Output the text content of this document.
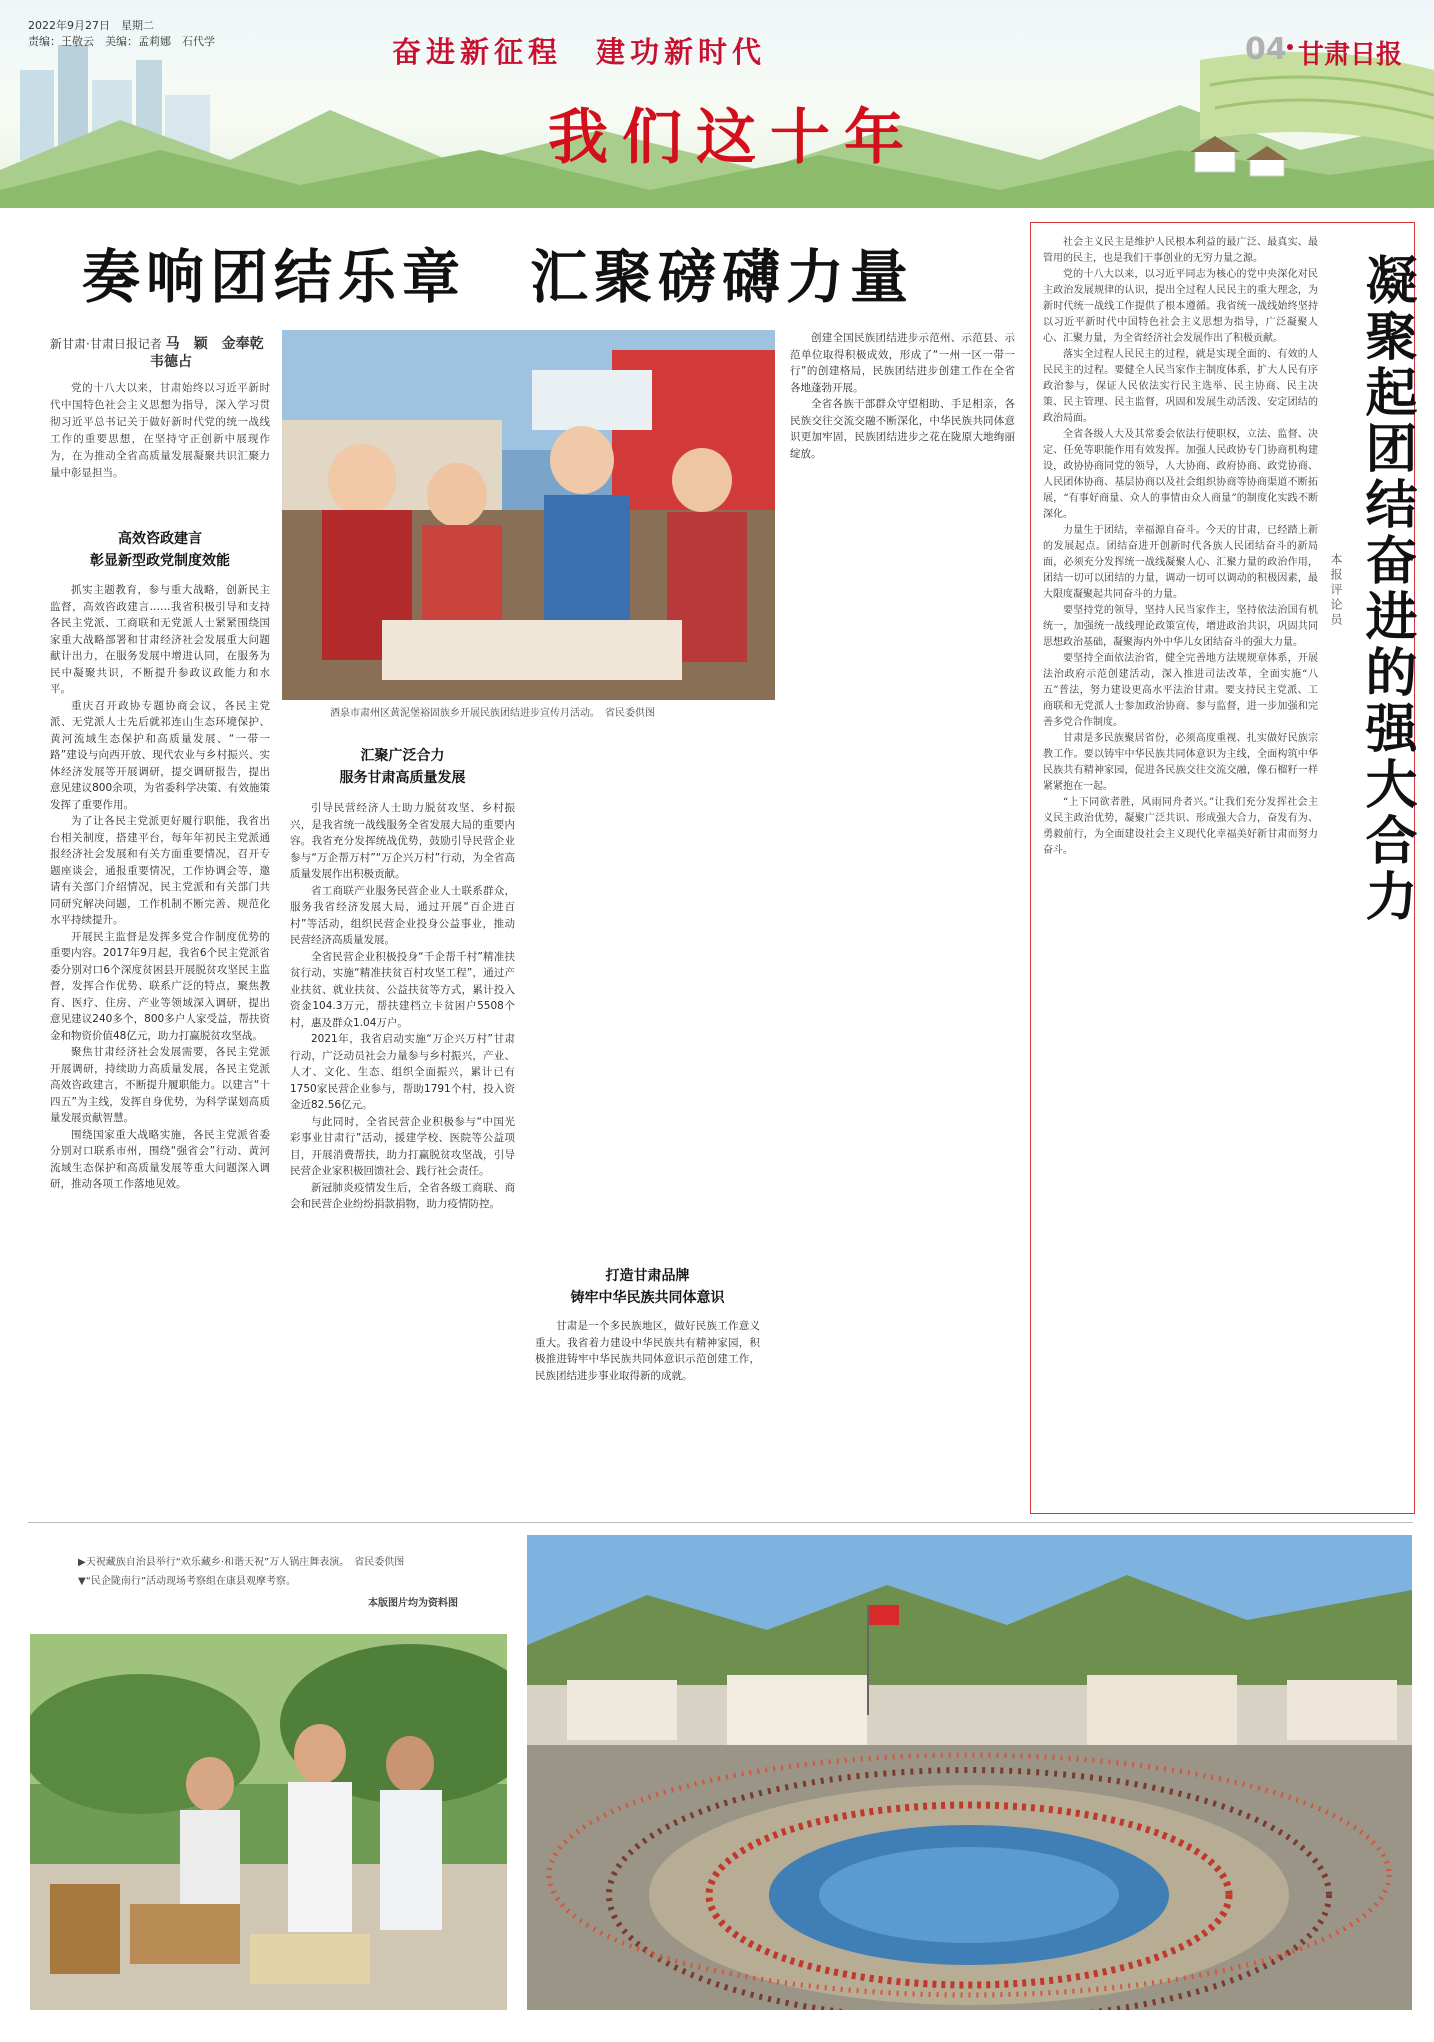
2022年9月27日　星期二
责编：王敬云　美编：孟莉娜　石代学	奋进新征程　建功新时代
我们这十年
04 甘肃日报
奏响团结乐章　汇聚磅礴力量
新甘肃·甘肃日报记者 马　颖　金奉乾
韦德占
党的十八大以来，甘肃始终以习近平新时代中国特色社会主义思想为指导，深入学习贯彻习近平总书记关于做好新时代党的统一战线工作的重要思想，在坚持守正创新中展现作为，在为推动全省高质量发展凝聚共识汇聚力量中彰显担当。
酒泉市肃州区黄泥堡裕固族乡开展民族团结进步宣传月活动。　省民委供图
高效咨政建言
彰显新型政党制度效能

抓实主题教育，参与重大战略，创新民主监督，高效咨政建言……我省积极引导和支持各民主党派、工商联和无党派人士紧紧围绕国家重大战略部署和甘肃经济社会发展重大问题献计出力，在服务发展中增进认同，在服务为民中凝聚共识，不断提升参政议政能力和水平。

重庆召开政协专题协商会议，各民主党派、无党派人士先后就祁连山生态环境保护、黄河流域生态保护和高质量发展、“一带一路”建设与向西开放、现代农业与乡村振兴、实体经济发展等开展调研，提交调研报告，提出意见建议800余项，为省委科学决策、有效施策发挥了重要作用。

为了让各民主党派更好履行职能，我省出台相关制度，搭建平台，每年年初民主党派通报经济社会发展和有关方面重要情况，召开专题座谈会，通报重要情况，工作协调会等，邀请有关部门介绍情况，民主党派和有关部门共同研究解决问题，工作机制不断完善、规范化水平持续提升。

开展民主监督是发挥多党合作制度优势的重要内容。2017年9月起，我省6个民主党派省委分别对口6个深度贫困县开展脱贫攻坚民主监督，发挥合作优势、联系广泛的特点，聚焦教育、医疗、住房、产业等领域深入调研，提出意见建议240多个，800多户人家受益，帮扶资金和物资价值48亿元，助力打赢脱贫攻坚战。

聚焦甘肃经济社会发展需要，各民主党派开展调研，持续助力高质量发展，各民主党派高效咨政建言，不断提升履职能力。以建言“十四五”为主线，发挥自身优势，为科学谋划高质量发展贡献智慧。

围绕国家重大战略实施，各民主党派省委分别对口联系市州，围绕“强省会”行动、黄河流域生态保护和高质量发展等重大问题深入调研，推动各项工作落地见效。

汇聚广泛合力
服务甘肃高质量发展

引导民营经济人士助力脱贫攻坚、乡村振兴，是我省统一战线服务全省发展大局的重要内容。我省充分发挥统战优势，鼓励引导民营企业参与“万企帮万村”“万企兴万村”行动，为全省高质量发展作出积极贡献。

省工商联产业服务民营企业人士联系群众，服务我省经济发展大局，通过开展“百企进百村”等活动，组织民营企业投身公益事业，推动民营经济高质量发展。

全省民营企业积极投身“千企帮千村”精准扶贫行动，实施“精准扶贫百村攻坚工程”，通过产业扶贫、就业扶贫、公益扶贫等方式，累计投入资金104.3万元，帮扶建档立卡贫困户5508个村，惠及群众1.04万户。

2021年，我省启动实施“万企兴万村”甘肃行动，广泛动员社会力量参与乡村振兴，产业、人才、文化、生态、组织全面振兴，累计已有1750家民营企业参与，帮助1791个村，投入资金近82.56亿元。

与此同时，全省民营企业积极参与“中国光彩事业甘肃行”活动，援建学校、医院等公益项目，开展消费帮扶，助力打赢脱贫攻坚战，引导民营企业家积极回馈社会、践行社会责任。

新冠肺炎疫情发生后，全省各级工商联、商会和民营企业纷纷捐款捐物，助力疫情防控。

打造甘肃品牌
铸牢中华民族共同体意识

甘肃是一个多民族地区，做好民族工作意义重大。我省着力建设中华民族共有精神家园，积极推进铸牢中华民族共同体意识示范创建工作，民族团结进步事业取得新的成就。

创建全国民族团结进步示范州、示范县、示范单位取得积极成效，形成了“一州一区一带一行”的创建格局，民族团结进步创建工作在全省各地蓬勃开展。

全省各族干部群众守望相助、手足相亲，各民族交往交流交融不断深化，中华民族共同体意识更加牢固，民族团结进步之花在陇原大地绚丽绽放。

社会主义民主是维护人民根本利益的最广泛、最真实、最管用的民主，也是我们干事创业的无穷力量之源。

党的十八大以来，以习近平同志为核心的党中央深化对民主政治发展规律的认识，提出全过程人民民主的重大理念，为新时代统一战线工作提供了根本遵循。我省统一战线始终坚持以习近平新时代中国特色社会主义思想为指导，广泛凝聚人心、汇聚力量，为全省经济社会发展作出了积极贡献。

落实全过程人民民主的过程，就是实现全面的、有效的人民民主的过程。要健全人民当家作主制度体系，扩大人民有序政治参与，保证人民依法实行民主选举、民主协商、民主决策、民主管理、民主监督，巩固和发展生动活泼、安定团结的政治局面。

全省各级人大及其常委会依法行使职权，立法、监督、决定、任免等职能作用有效发挥。加强人民政协专门协商机构建设，政协协商同党的领导，人大协商、政府协商、政党协商、人民团体协商、基层协商以及社会组织协商等协商渠道不断拓展，“有事好商量、众人的事情由众人商量”的制度化实践不断深化。

力量生于团结，幸福源自奋斗。今天的甘肃，已经踏上新的发展起点。团结奋进开创新时代各族人民团结奋斗的新局面，必须充分发挥统一战线凝聚人心、汇聚力量的政治作用，团结一切可以团结的力量，调动一切可以调动的积极因素，最大限度凝聚起共同奋斗的力量。

要坚持党的领导，坚持人民当家作主，坚持依法治国有机统一，加强统一战线理论政策宣传，增进政治共识，巩固共同思想政治基础，凝聚海内外中华儿女团结奋斗的强大力量。

要坚持全面依法治省，健全完善地方法规规章体系，开展法治政府示范创建活动，深入推进司法改革，全面实施“八五”普法，努力建设更高水平法治甘肃。要支持民主党派、工商联和无党派人士参加政治协商、参与监督，进一步加强和完善多党合作制度。

甘肃是多民族聚居省份，必须高度重视、扎实做好民族宗教工作。要以铸牢中华民族共同体意识为主线，全面构筑中华民族共有精神家园，促进各民族交往交流交融，像石榴籽一样紧紧抱在一起。

“上下同欲者胜，风雨同舟者兴。”让我们充分发挥社会主义民主政治优势，凝聚广泛共识、形成强大合力，奋发有为、勇毅前行，为全面建设社会主义现代化幸福美好新甘肃而努力奋斗。

本报评论员 凝聚起团结奋进的强大合力
▶天祝藏族自治县举行“欢乐藏乡·和谐天祝”万人锅庄舞表演。　省民委供图
▼“民企陇南行”活动现场考察组在康县观摩考察。
本版图片均为资料图
